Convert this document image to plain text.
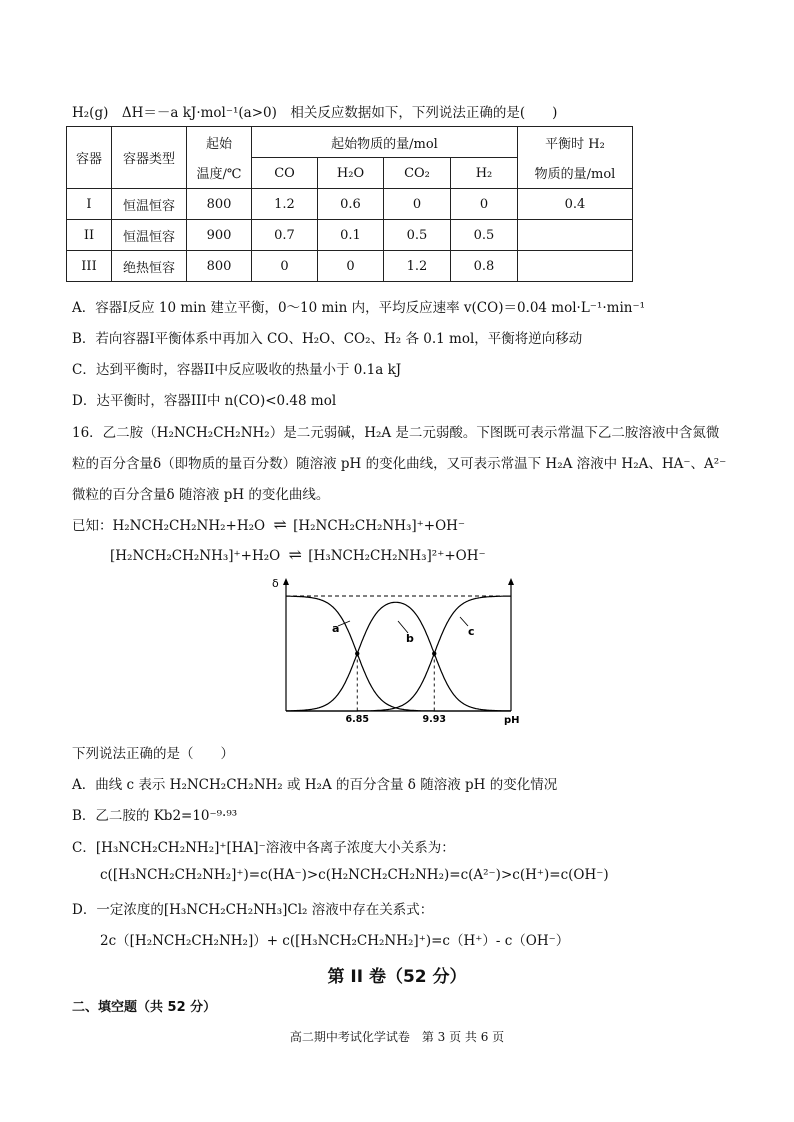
H₂(g)　ΔH＝－a kJ·mol⁻¹(a>0)　相关反应数据如下，下列说法正确的是(　　)
容器	容器类型	起始	起始物质的量/mol				平衡时 H₂
		温度/℃	CO	H₂O	CO₂	H₂	物质的量/mol
I	恒温恒容	800	1.2	0.6	0	0	0.4
II	恒温恒容	900	0.7	0.1	0.5	0.5	
III	绝热恒容	800	0	0	1.2	0.8	
A．容器I反应 10 min 建立平衡，0～10 min 内，平均反应速率 v(CO)＝0.04 mol·L⁻¹·min⁻¹
B．若向容器I平衡体系中再加入 CO、H₂O、CO₂、H₂ 各 0.1 mol，平衡将逆向移动
C．达到平衡时，容器II中反应吸收的热量小于 0.1a kJ
D．达平衡时，容器III中 n(CO)<0.48 mol
16．乙二胺（H₂NCH₂CH₂NH₂）是二元弱碱，H₂A 是二元弱酸。下图既可表示常温下乙二胺溶液中含氮微
粒的百分含量δ（即物质的量百分数）随溶液 pH 的变化曲线，又可表示常温下 H₂A 溶液中 H₂A、HA⁻、A²⁻
微粒的百分含量δ 随溶液 pH 的变化曲线。
已知：H₂NCH₂CH₂NH₂+H₂O ⇌ [H₂NCH₂CH₂NH₃]⁺+OH⁻
[H₂NCH₂CH₂NH₃]⁺+H₂O ⇌ [H₃NCH₂CH₂NH₃]²⁺+OH⁻
δ
a
b
c
6.85	9.93	pH
下列说法正确的是（　　）
A．曲线 c 表示 H₂NCH₂CH₂NH₂ 或 H₂A 的百分含量 δ 随溶液 pH 的变化情况
B．乙二胺的 Kb2=10⁻⁹·⁹³
C．[H₃NCH₂CH₂NH₂]⁺[HA]⁻溶液中各离子浓度大小关系为：
c([H₃NCH₂CH₂NH₂]⁺)=c(HA⁻)>c(H₂NCH₂CH₂NH₂)=c(A²⁻)>c(H⁺)=c(OH⁻)
D．一定浓度的[H₃NCH₂CH₂NH₃]Cl₂ 溶液中存在关系式：
2c（[H₂NCH₂CH₂NH₂]）+ c([H₃NCH₂CH₂NH₂]⁺)=c（H⁺）- c（OH⁻）
第 II 卷（52 分）
二、填空题（共 52 分）
高二期中考试化学试卷　第 3 页 共 6 页
